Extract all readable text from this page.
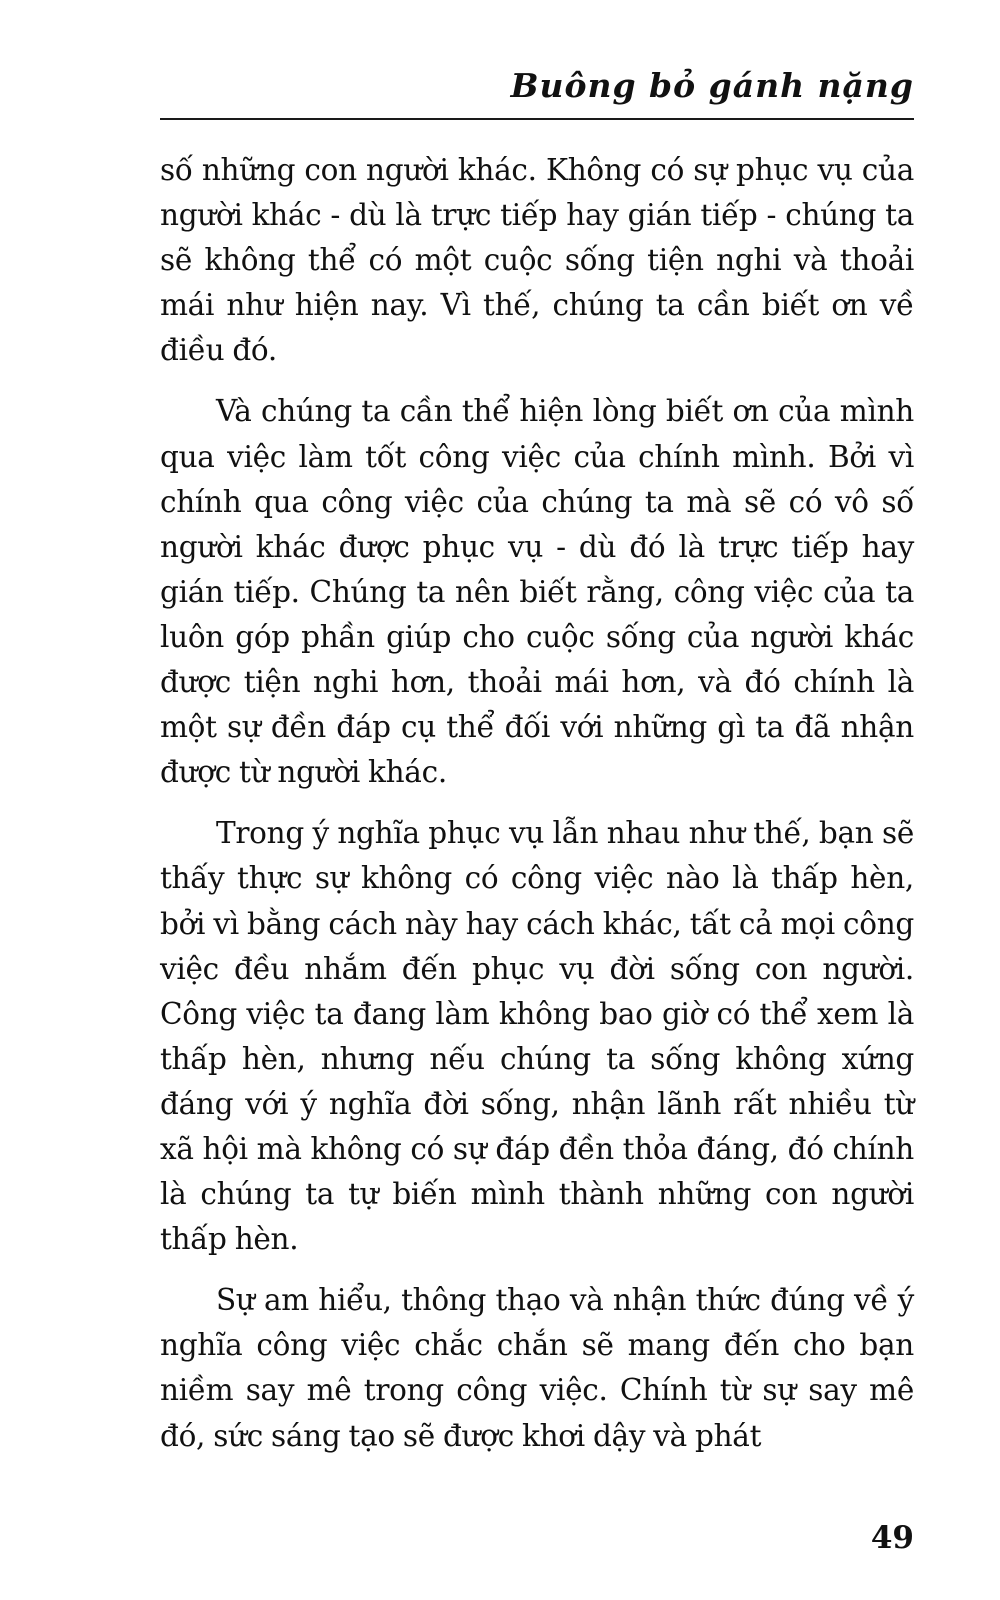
Buông bỏ gánh nặng

số những con người khác. Không có sự phục vụ của người khác - dù là trực tiếp hay gián tiếp - chúng ta sẽ không thể có một cuộc sống tiện nghi và thoải mái như hiện nay. Vì thế, chúng ta cần biết ơn về điều đó.

Và chúng ta cần thể hiện lòng biết ơn của mình qua việc làm tốt công việc của chính mình. Bởi vì chính qua công việc của chúng ta mà sẽ có vô số người khác được phục vụ - dù đó là trực tiếp hay gián tiếp. Chúng ta nên biết rằng, công việc của ta luôn góp phần giúp cho cuộc sống của người khác được tiện nghi hơn, thoải mái hơn, và đó chính là một sự đền đáp cụ thể đối với những gì ta đã nhận được từ người khác.

Trong ý nghĩa phục vụ lẫn nhau như thế, bạn sẽ thấy thực sự không có công việc nào là thấp hèn, bởi vì bằng cách này hay cách khác, tất cả mọi công việc đều nhắm đến phục vụ đời sống con người. Công việc ta đang làm không bao giờ có thể xem là thấp hèn, nhưng nếu chúng ta sống không xứng đáng với ý nghĩa đời sống, nhận lãnh rất nhiều từ xã hội mà không có sự đáp đền thỏa đáng, đó chính là chúng ta tự biến mình thành những con người thấp hèn.

Sự am hiểu, thông thạo và nhận thức đúng về ý nghĩa công việc chắc chắn sẽ mang đến cho bạn niềm say mê trong công việc. Chính từ sự say mê đó, sức sáng tạo sẽ được khơi dậy và phát

49
